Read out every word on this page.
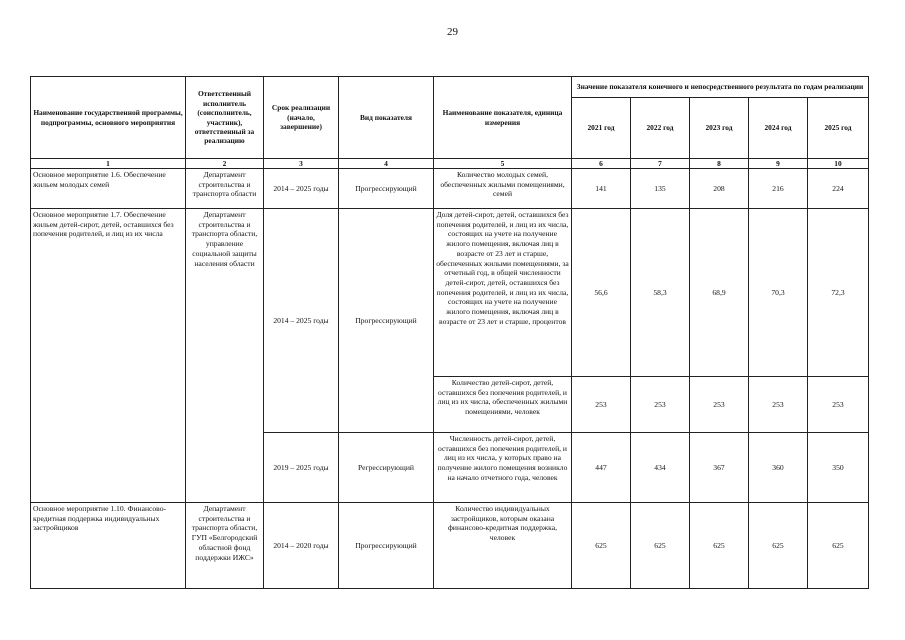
29
Наименование государственной программы, подпрограммы, основного мероприятия	Ответственный исполнитель (соисполнитель, участник), ответственный за реализацию	Срок реализации (начало, завершение)	Вид показателя	Наименование показателя, единица измерения	Значение показателя конечного и непосредственного результата по годам реализации				
					2021 год	2022 год	2023 год	2024 год	2025 год
1	2	3	4	5	6	7	8	9	10
Основное мероприятие 1.6. Обеспечение жильем молодых семей	Департамент строительства и транспорта области	2014 – 2025 годы	Прогрессирующий	Количество молодых семей, обеспеченных жилыми помещениями, семей	141	135	208	216	224
Основное мероприятие 1.7. Обеспечение жильем детей-сирот, детей, оставшихся без попечения родителей, и лиц из их числа	Департамент строительства и транспорта области, управление социальной защиты населения области	2014 – 2025 годы	Прогрессирующий	Доля детей-сирот, детей, оставшихся без попечения родителей, и лиц из их числа, состоящих на учете на получение жилого помещения, включая лиц в возрасте от 23 лет и старше, обеспеченных жилыми помещениями, за отчетный год, в общей численности детей-сирот, детей, оставшихся без попечения родителей, и лиц из их числа, состоящих на учете на получение жилого помещения, включая лиц в возрасте от 23 лет и старше, процентов	56,6	58,3	68,9	70,3	72,3
				Количество детей-сирот, детей, оставшихся без попечения родителей, и лиц из их числа, обеспеченных жилыми помещениями, человек	253	253	253	253	253
		2019 – 2025 годы	Регрессирующий	Численность детей-сирот, детей, оставшихся без попечения родителей, и лиц из их числа, у которых право на получение жилого помещения возникло на начало отчетного года, человек	447	434	367	360	350
Основное мероприятие 1.10. Финансово-кредитная поддержка индивидуальных застройщиков	Департамент строительства и транспорта области, ГУП «Белгородский областной фонд поддержки ИЖС»	2014 – 2020 годы	Прогрессирующий	Количество индивидуальных застройщиков, которым оказана финансово-кредитная поддержка, человек	625	625	625	625	625
